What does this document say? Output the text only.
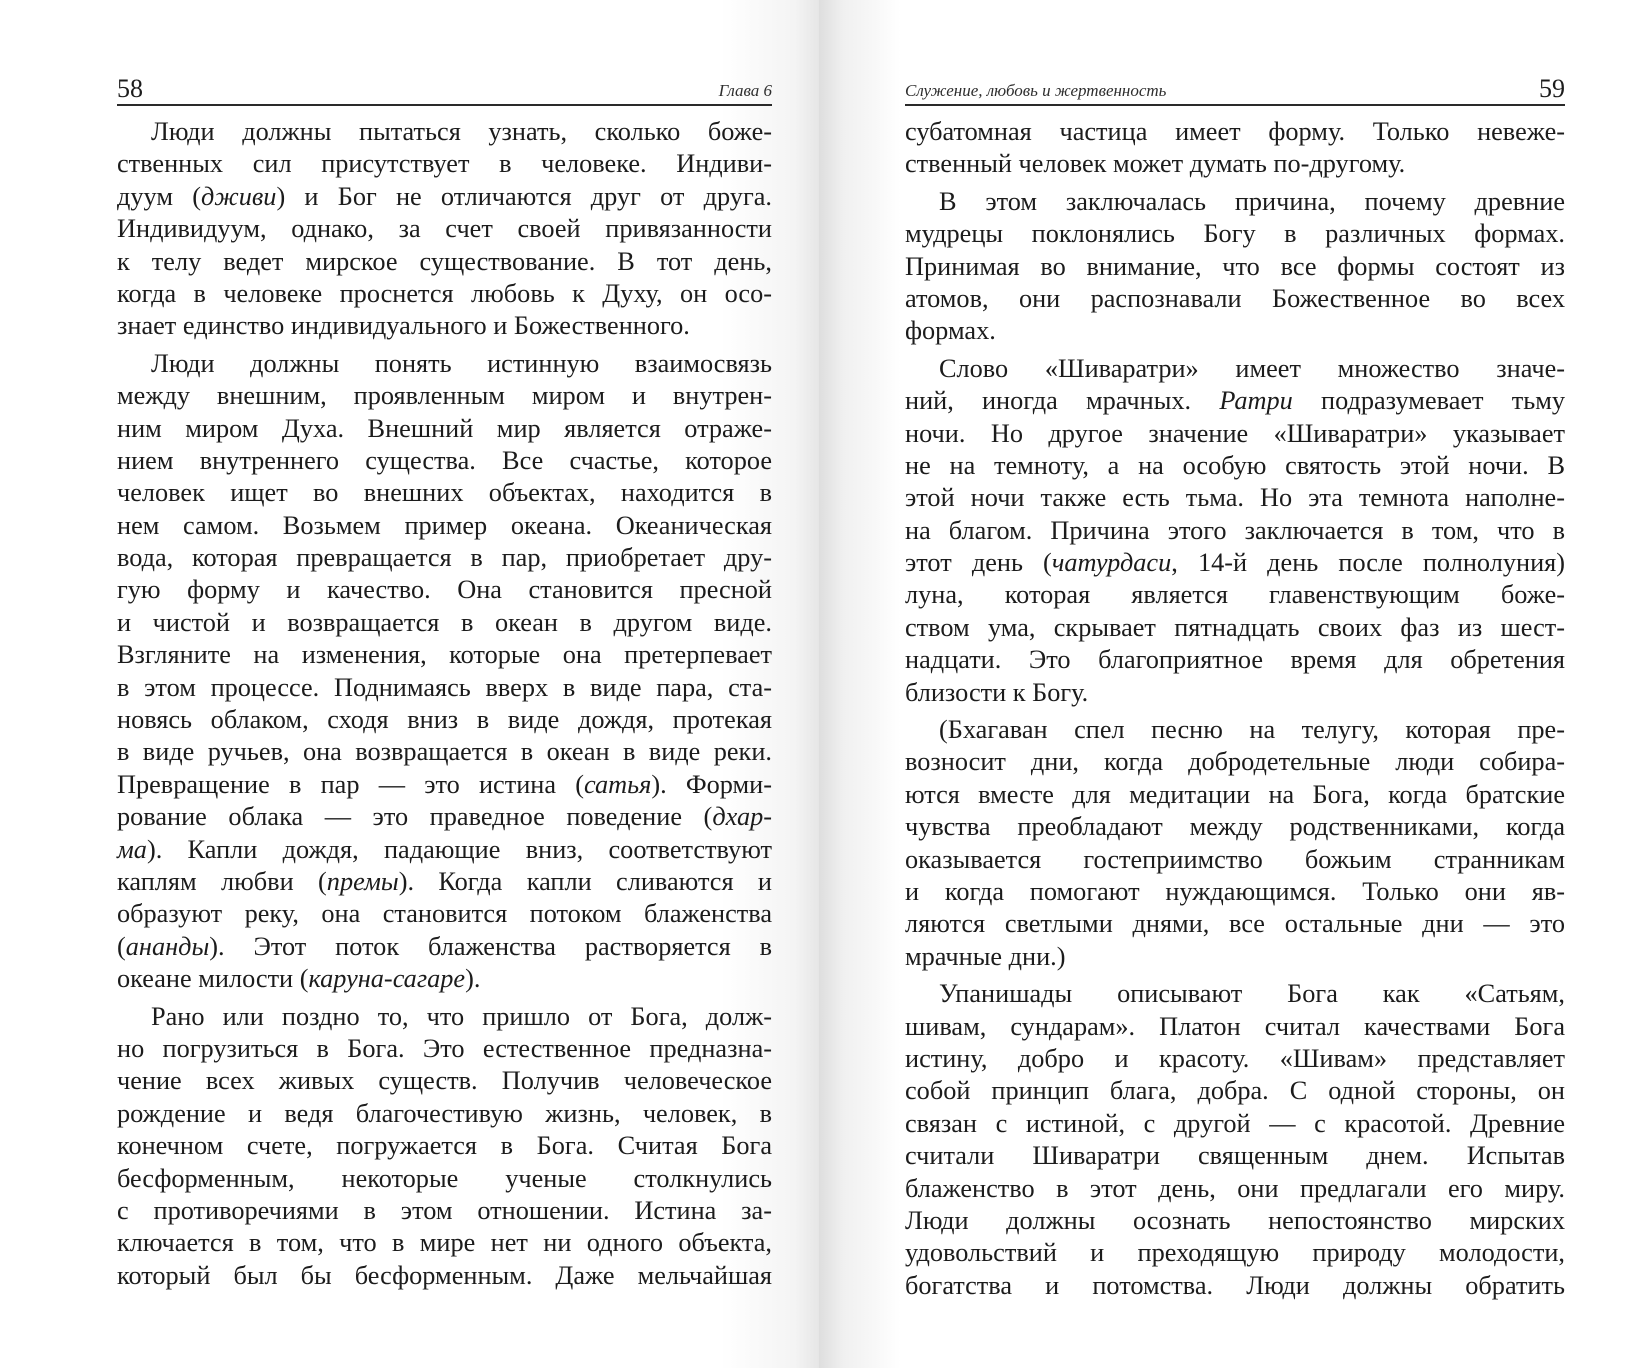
58	Глава 6
Люди должны пытаться узнать, сколько боже-
ственных сил присутствует в человеке. Индиви-
дуум (дживи) и Бог не отличаются друг от друга.
Индивидуум, однако, за счет своей привязанности
к телу ведет мирское существование. В тот день,
когда в человеке проснется любовь к Духу, он осо-
знает единство индивидуального и Божественного.
Люди должны понять истинную взаимосвязь
между внешним, проявленным миром и внутрен-
ним миром Духа. Внешний мир является отраже-
нием внутреннего существа. Все счастье, которое
человек ищет во внешних объектах, находится в
нем самом. Возьмем пример океана. Океаническая
вода, которая превращается в пар, приобретает дру-
гую форму и качество. Она становится пресной
и чистой и возвращается в океан в другом виде.
Взгляните на изменения, которые она претерпевает
в этом процессе. Поднимаясь вверх в виде пара, ста-
новясь облаком, сходя вниз в виде дождя, протекая
в виде ручьев, она возвращается в океан в виде реки.
Превращение в пар — это истина (сатья). Форми-
рование облака — это праведное поведение (дхар-
ма). Капли дождя, падающие вниз, соответствуют
каплям любви (премы). Когда капли сливаются и
образуют реку, она становится потоком блаженства
(ананды). Этот поток блаженства растворяется в
океане милости (каруна-сагаре).
Рано или поздно то, что пришло от Бога, долж-
но погрузиться в Бога. Это естественное предназна-
чение всех живых существ. Получив человеческое
рождение и ведя благочестивую жизнь, человек, в
конечном счете, погружается в Бога. Считая Бога
бесформенным, некоторые ученые столкнулись
с противоречиями в этом отношении. Истина за-
ключается в том, что в мире нет ни одного объекта,
который был бы бесформенным. Даже мельчайшая
Служение, любовь и жертвенность	59
субатомная частица имеет форму. Только невеже-
ственный человек может думать по-другому.
В этом заключалась причина, почему древние
мудрецы поклонялись Богу в различных формах.
Принимая во внимание, что все формы состоят из
атомов, они распознавали Божественное во всех
формах.
Слово «Шиваратри» имеет множество значе-
ний, иногда мрачных. Ратри подразумевает тьму
ночи. Но другое значение «Шиваратри» указывает
не на темноту, а на особую святость этой ночи. В
этой ночи также есть тьма. Но эта темнота наполне-
на благом. Причина этого заключается в том, что в
этот день (чатурдаси, 14-й день после полнолуния)
луна, которая является главенствующим боже-
ством ума, скрывает пятнадцать своих фаз из шест-
надцати. Это благоприятное время для обретения
близости к Богу.
(Бхагаван спел песню на телугу, которая пре-
возносит дни, когда добродетельные люди собира-
ются вместе для медитации на Бога, когда братские
чувства преобладают между родственниками, когда
оказывается гостеприимство божьим странникам
и когда помогают нуждающимся. Только они яв-
ляются светлыми днями, все остальные дни — это
мрачные дни.)
Упанишады описывают Бога как «Сатьям,
шивам, сундарам». Платон считал качествами Бога
истину, добро и красоту. «Шивам» представляет
собой принцип блага, добра. С одной стороны, он
связан с истиной, с другой — с красотой. Древние
считали Шиваратри священным днем. Испытав
блаженство в этот день, они предлагали его миру.
Люди должны осознать непостоянство мирских
удовольствий и преходящую природу молодости,
богатства и потомства. Люди должны обратить
